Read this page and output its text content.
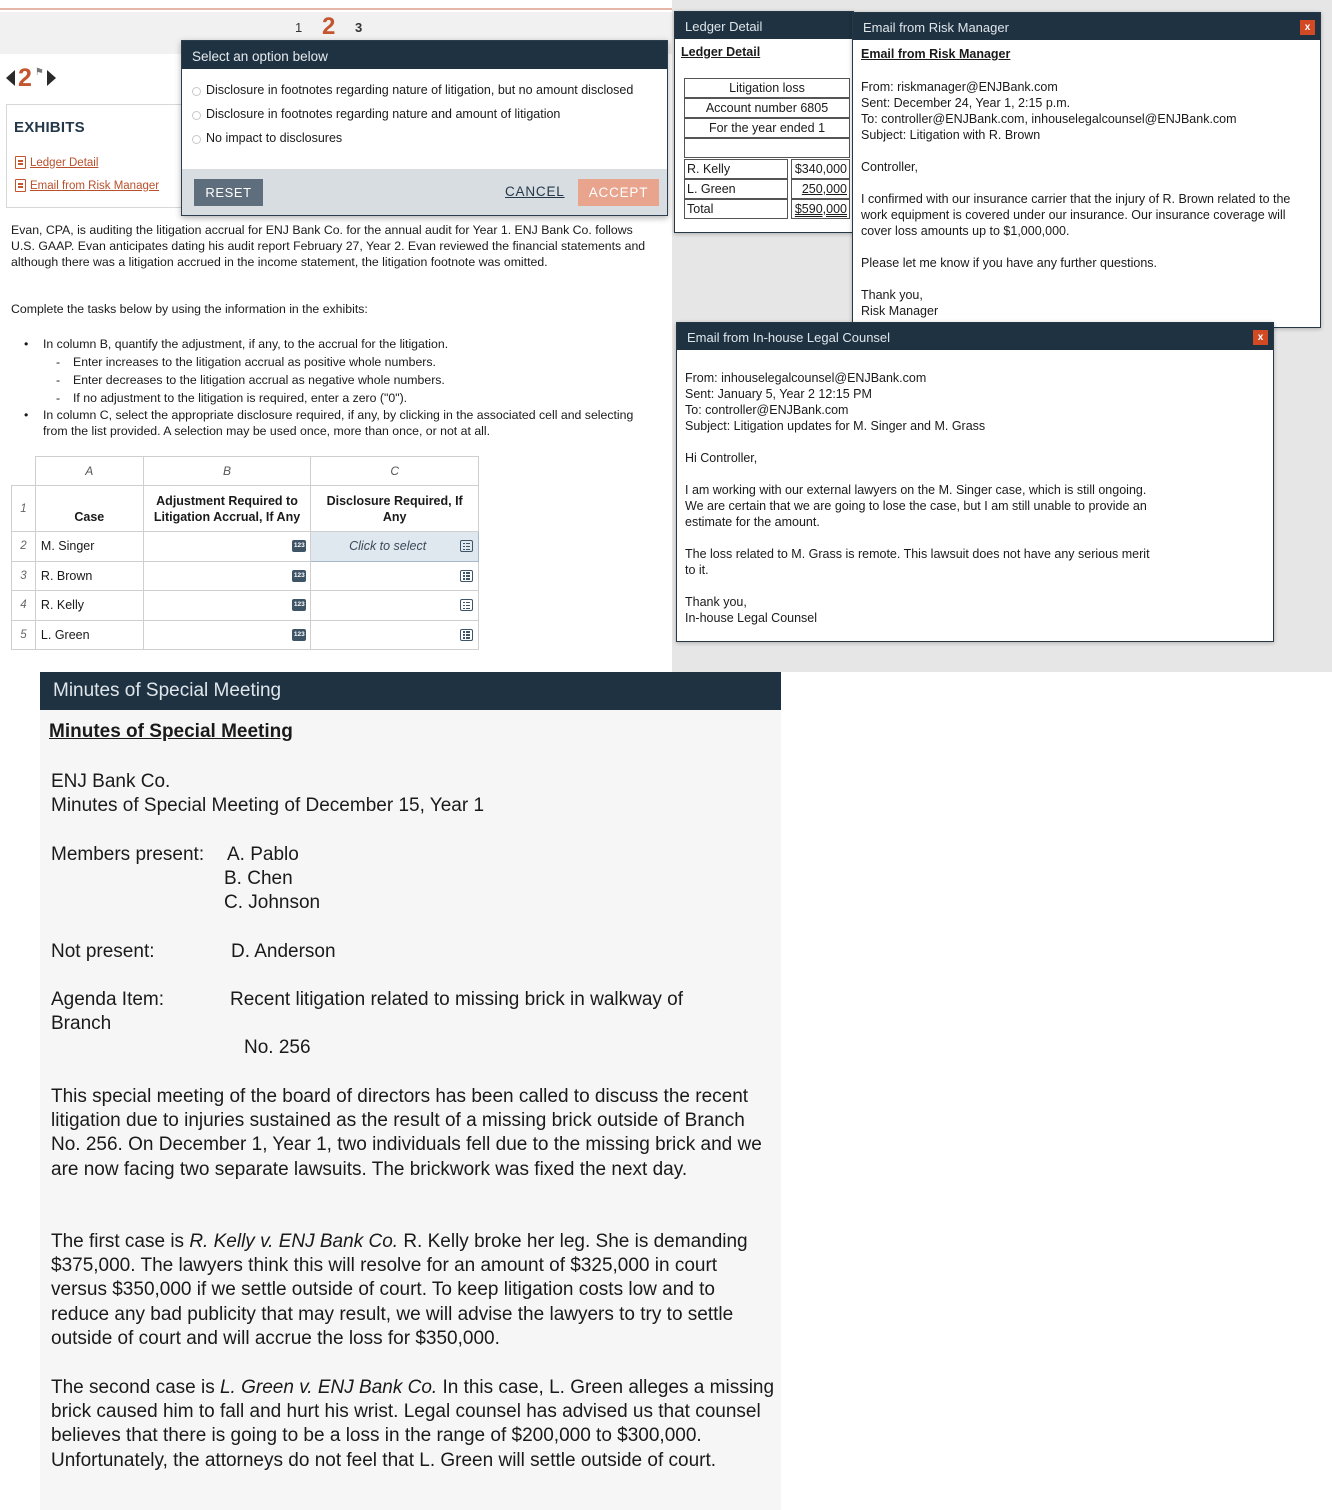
1 2 3
2 ⚑
EXHIBITS
Ledger Detail
Email from Risk Manager

Evan, CPA, is auditing the litigation accrual for ENJ Bank Co. for the annual audit for Year 1. ENJ Bank Co. follows U.S. GAAP. Evan anticipates dating his audit report February 27, Year 2. Evan reviewed the financial statements and although there was a litigation accrued in the income statement, the litigation footnote was omitted.

Complete the tasks below by using the information in the exhibits:

• In column B, quantify the adjustment, if any, to the accrual for the litigation.
- Enter increases to the litigation accrual as positive whole numbers.
- Enter decreases to the litigation accrual as negative whole numbers.
- If no adjustment to the litigation is required, enter a zero ("0").
• In column C, select the appropriate disclosure required, if any, by clicking in the associated cell and selecting from the list provided. A selection may be used once, more than once, or not at all.
	A	B	C
1	Case	Adjustment Required to Litigation Accrual, If Any	Disclosure Required, If Any
2	M. Singer	123	Click to select

3	R. Brown	123	

4	R. Kelly	123	

5	L. Green	123	

Select an option below
Disclosure in footnotes regarding nature of litigation, but no amount disclosed
Disclosure in footnotes regarding nature and amount of litigation
No impact to disclosures
RESET	CANCEL	ACCEPT
Ledger Detail
Ledger Detail
Litigation loss
Account number 6805
For the year ended 1
R. Kelly	$340,000
L. Green	250,000
Total	$590,000
Email from Risk Manager	x
Email from Risk Manager
From: riskmanager@ENJBank.com
Sent: December 24, Year 1, 2:15 p.m.
To: controller@ENJBank.com, inhouselegalcounsel@ENJBank.com
Subject: Litigation with R. Brown
Controller,
I confirmed with our insurance carrier that the injury of R. Brown related to the work equipment is covered under our insurance. Our insurance coverage will cover loss amounts up to $1,000,000.
Please let me know if you have any further questions.
Thank you,
Risk Manager
Email from In-house Legal Counsel	x
From: inhouselegalcounsel@ENJBank.com
Sent: January 5, Year 2 12:15 PM
To: controller@ENJBank.com
Subject: Litigation updates for M. Singer and M. Grass
Hi Controller,
I am working with our external lawyers on the M. Singer case, which is still ongoing. We are certain that we are going to lose the case, but I am still unable to provide an estimate for the amount.
The loss related to M. Grass is remote. This lawsuit does not have any serious merit to it.
Thank you,
In-house Legal Counsel
Minutes of Special Meeting
Minutes of Special Meeting
ENJ Bank Co.
Minutes of Special Meeting of December 15, Year 1
Members present: A. Pablo
B. Chen
C. Johnson
Not present:	D. Anderson
Agenda Item:	Recent litigation related to missing brick in walkway of
Branch
No. 256

This special meeting of the board of directors has been called to discuss the recent litigation due to injuries sustained as the result of a missing brick outside of Branch No. 256. On December 1, Year 1, two individuals fell due to the missing brick and we are now facing two separate lawsuits. The brickwork was fixed the next day.

The first case is R. Kelly v. ENJ Bank Co. R. Kelly broke her leg. She is demanding $375,000. The lawyers think this will resolve for an amount of $325,000 in court versus $350,000 if we settle outside of court. To keep litigation costs low and to reduce any bad publicity that may result, we will advise the lawyers to try to settle outside of court and will accrue the loss for $350,000.

The second case is L. Green v. ENJ Bank Co. In this case, L. Green alleges a missing brick caused him to fall and hurt his wrist. Legal counsel has advised us that counsel believes that there is going to be a loss in the range of $200,000 to $300,000. Unfortunately, the attorneys do not feel that L. Green will settle outside of court.
